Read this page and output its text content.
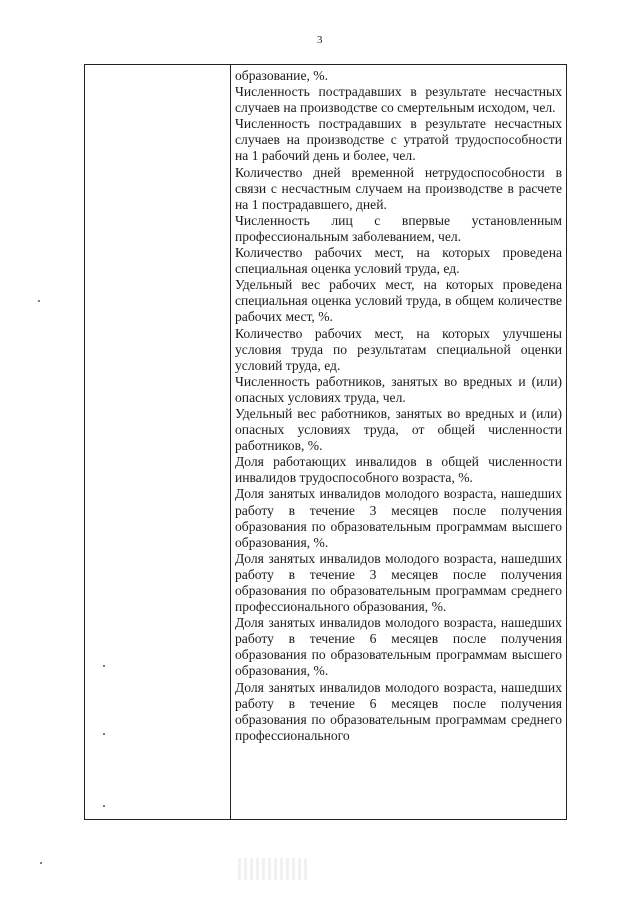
3

образование, %.

Численность пострадавших в результате несчастных случаев на производстве со смертельным исходом, чел.

Численность пострадавших в результате несчастных случаев на производстве с утратой трудоспособности на 1 рабочий день и более, чел.

Количество дней временной нетрудоспособности в связи с несчастным случаем на производстве в расчете на 1 пострадавшего, дней.

Численность лиц с впервые установленным профессиональным заболеванием, чел.

Количество рабочих мест, на которых проведена специальная оценка условий труда, ед.

Удельный вес рабочих мест, на которых проведена специальная оценка условий труда, в общем количестве рабочих мест, %.

Количество рабочих мест, на которых улучшены условия труда по результатам специальной оценки условий труда, ед.

Численность работников, занятых во вредных и (или) опасных условиях труда, чел.

Удельный вес работников, занятых во вредных и (или) опасных условиях труда, от общей численности работников, %.

Доля работающих инвалидов в общей численности инвалидов трудоспособного возраста, %.

Доля занятых инвалидов молодого возраста, нашедших работу в течение 3 месяцев после получения образования по образовательным программам высшего образования, %.

Доля занятых инвалидов молодого возраста, нашедших работу в течение 3 месяцев после получения образования по образовательным программам среднего профессионального образования, %.

Доля занятых инвалидов молодого возраста, нашедших работу в течение 6 месяцев после получения образования по образовательным программам высшего образования, %.

Доля занятых инвалидов молодого возраста, нашедших работу в течение 6 месяцев после получения образования по образовательным программам среднего профессионального
